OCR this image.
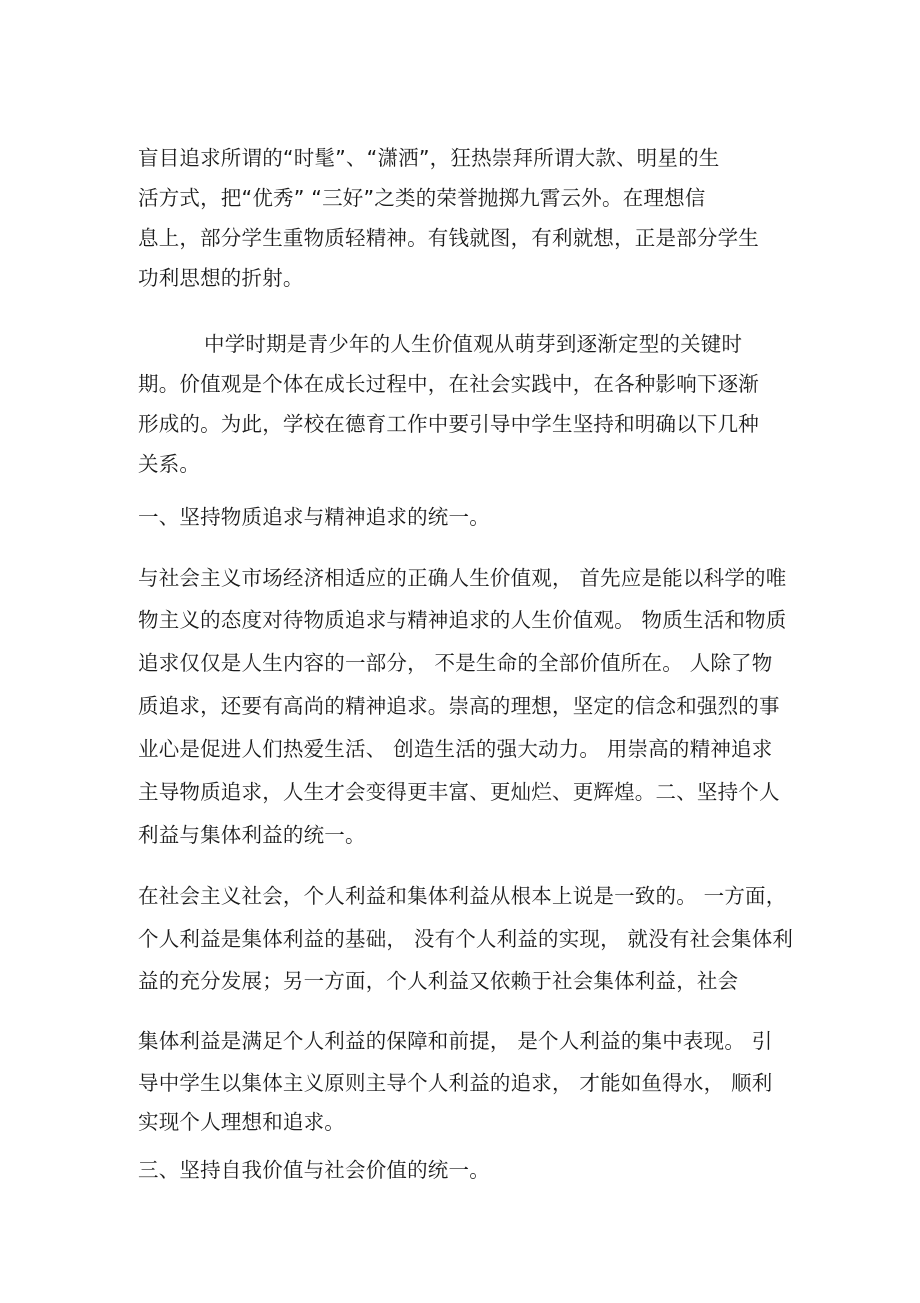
盲目追求所谓的“时髦”、“潇洒”，狂热崇拜所谓大款、明星的生
活方式，把“优秀” “三好”之类的荣誉抛掷九霄云外。在理想信
息上，部分学生重物质轻精神。有钱就图，有利就想，正是部分学生
功利思想的折射。
中学时期是青少年的人生价值观从萌芽到逐渐定型的关键时
期。价值观是个体在成长过程中，在社会实践中，在各种影响下逐渐
形成的。为此，学校在德育工作中要引导中学生坚持和明确以下几种
关系。
一、坚持物质追求与精神追求的统一。
与社会主义市场经济相适应的正确人生价值观， 首先应是能以科学的唯
物主义的态度对待物质追求与精神追求的人生价值观。 物质生活和物质
追求仅仅是人生内容的一部分， 不是生命的全部价值所在。 人除了物
质追求，还要有高尚的精神追求。崇高的理想，坚定的信念和强烈的事
业心是促进人们热爱生活、 创造生活的强大动力。 用崇高的精神追求
主导物质追求，人生才会变得更丰富、更灿烂、更辉煌。二、坚持个人
利益与集体利益的统一。
在社会主义社会，个人利益和集体利益从根本上说是一致的。 一方面，
个人利益是集体利益的基础， 没有个人利益的实现， 就没有社会集体利
益的充分发展；另一方面，个人利益又依赖于社会集体利益，社会
集体利益是满足个人利益的保障和前提， 是个人利益的集中表现。 引
导中学生以集体主义原则主导个人利益的追求， 才能如鱼得水， 顺利
实现个人理想和追求。
三、坚持自我价值与社会价值的统一。
